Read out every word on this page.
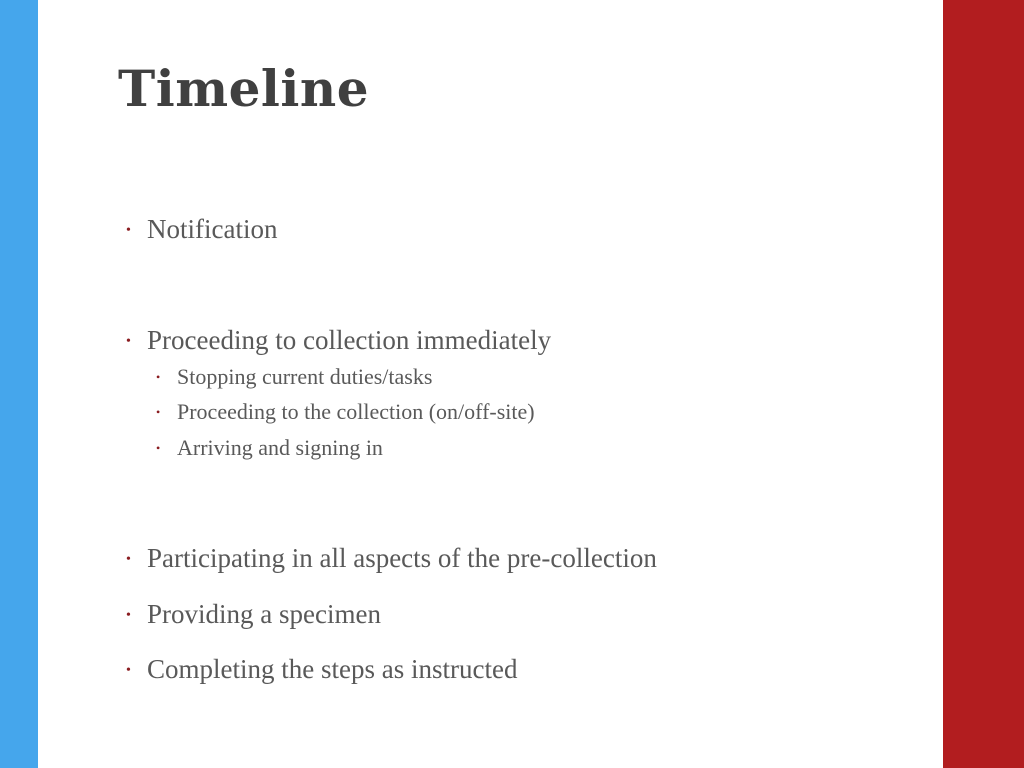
Timeline
• Notification
• Proceeding to collection immediately
• Stopping current duties/tasks
• Proceeding to the collection (on/off-site)
• Arriving and signing in
• Participating in all aspects of the pre-collection
• Providing a specimen
• Completing the steps as instructed
